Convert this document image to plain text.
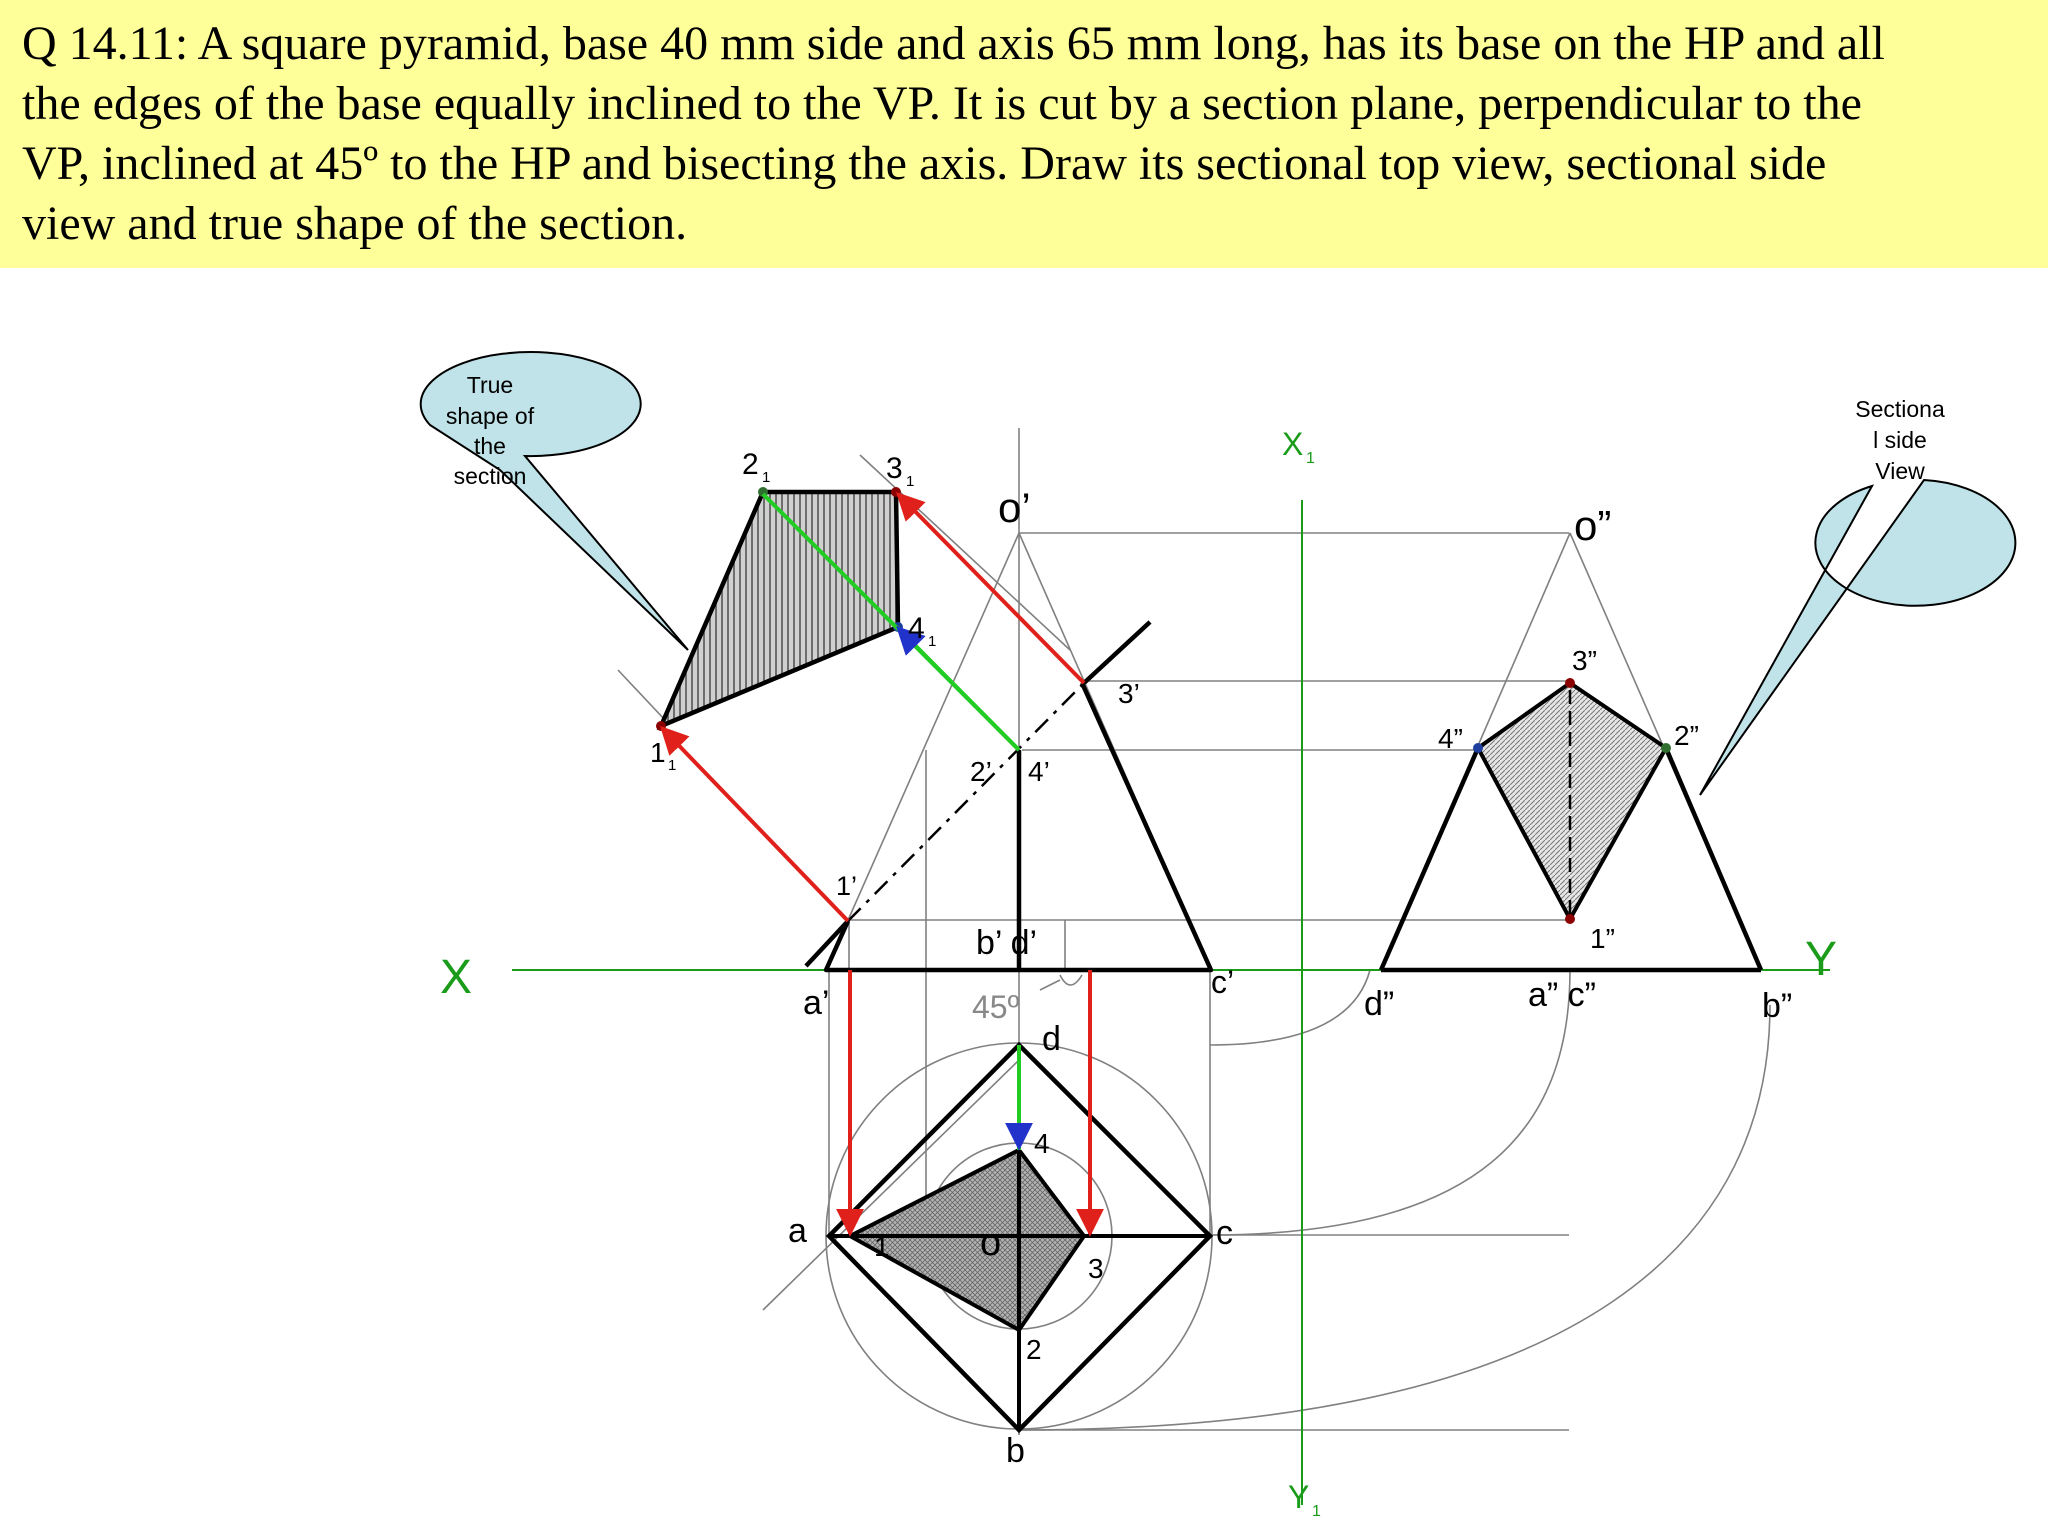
Q 14.11: A square pyramid, base 40 mm side and axis 65 mm long, has its base on the HP and all
the edges of the base equally inclined to the VP. It is cut by a section plane, perpendicular to the
VP, inclined at 45º to the HP and bisecting the axis. Draw its sectional top view, sectional side
view and true shape of the section.

True
shape of
the
section
Sectiona
l side
View
X	Y
X 1
Y 1
o’
1’
2’ 4’
3’
a’
b’ d’
c’
45º
a
b
c
d
o
1
2
3
4
o”
1”
2”
3”
4”
d”	a” c”	b”
1 1
2 1	3 1
4 1
